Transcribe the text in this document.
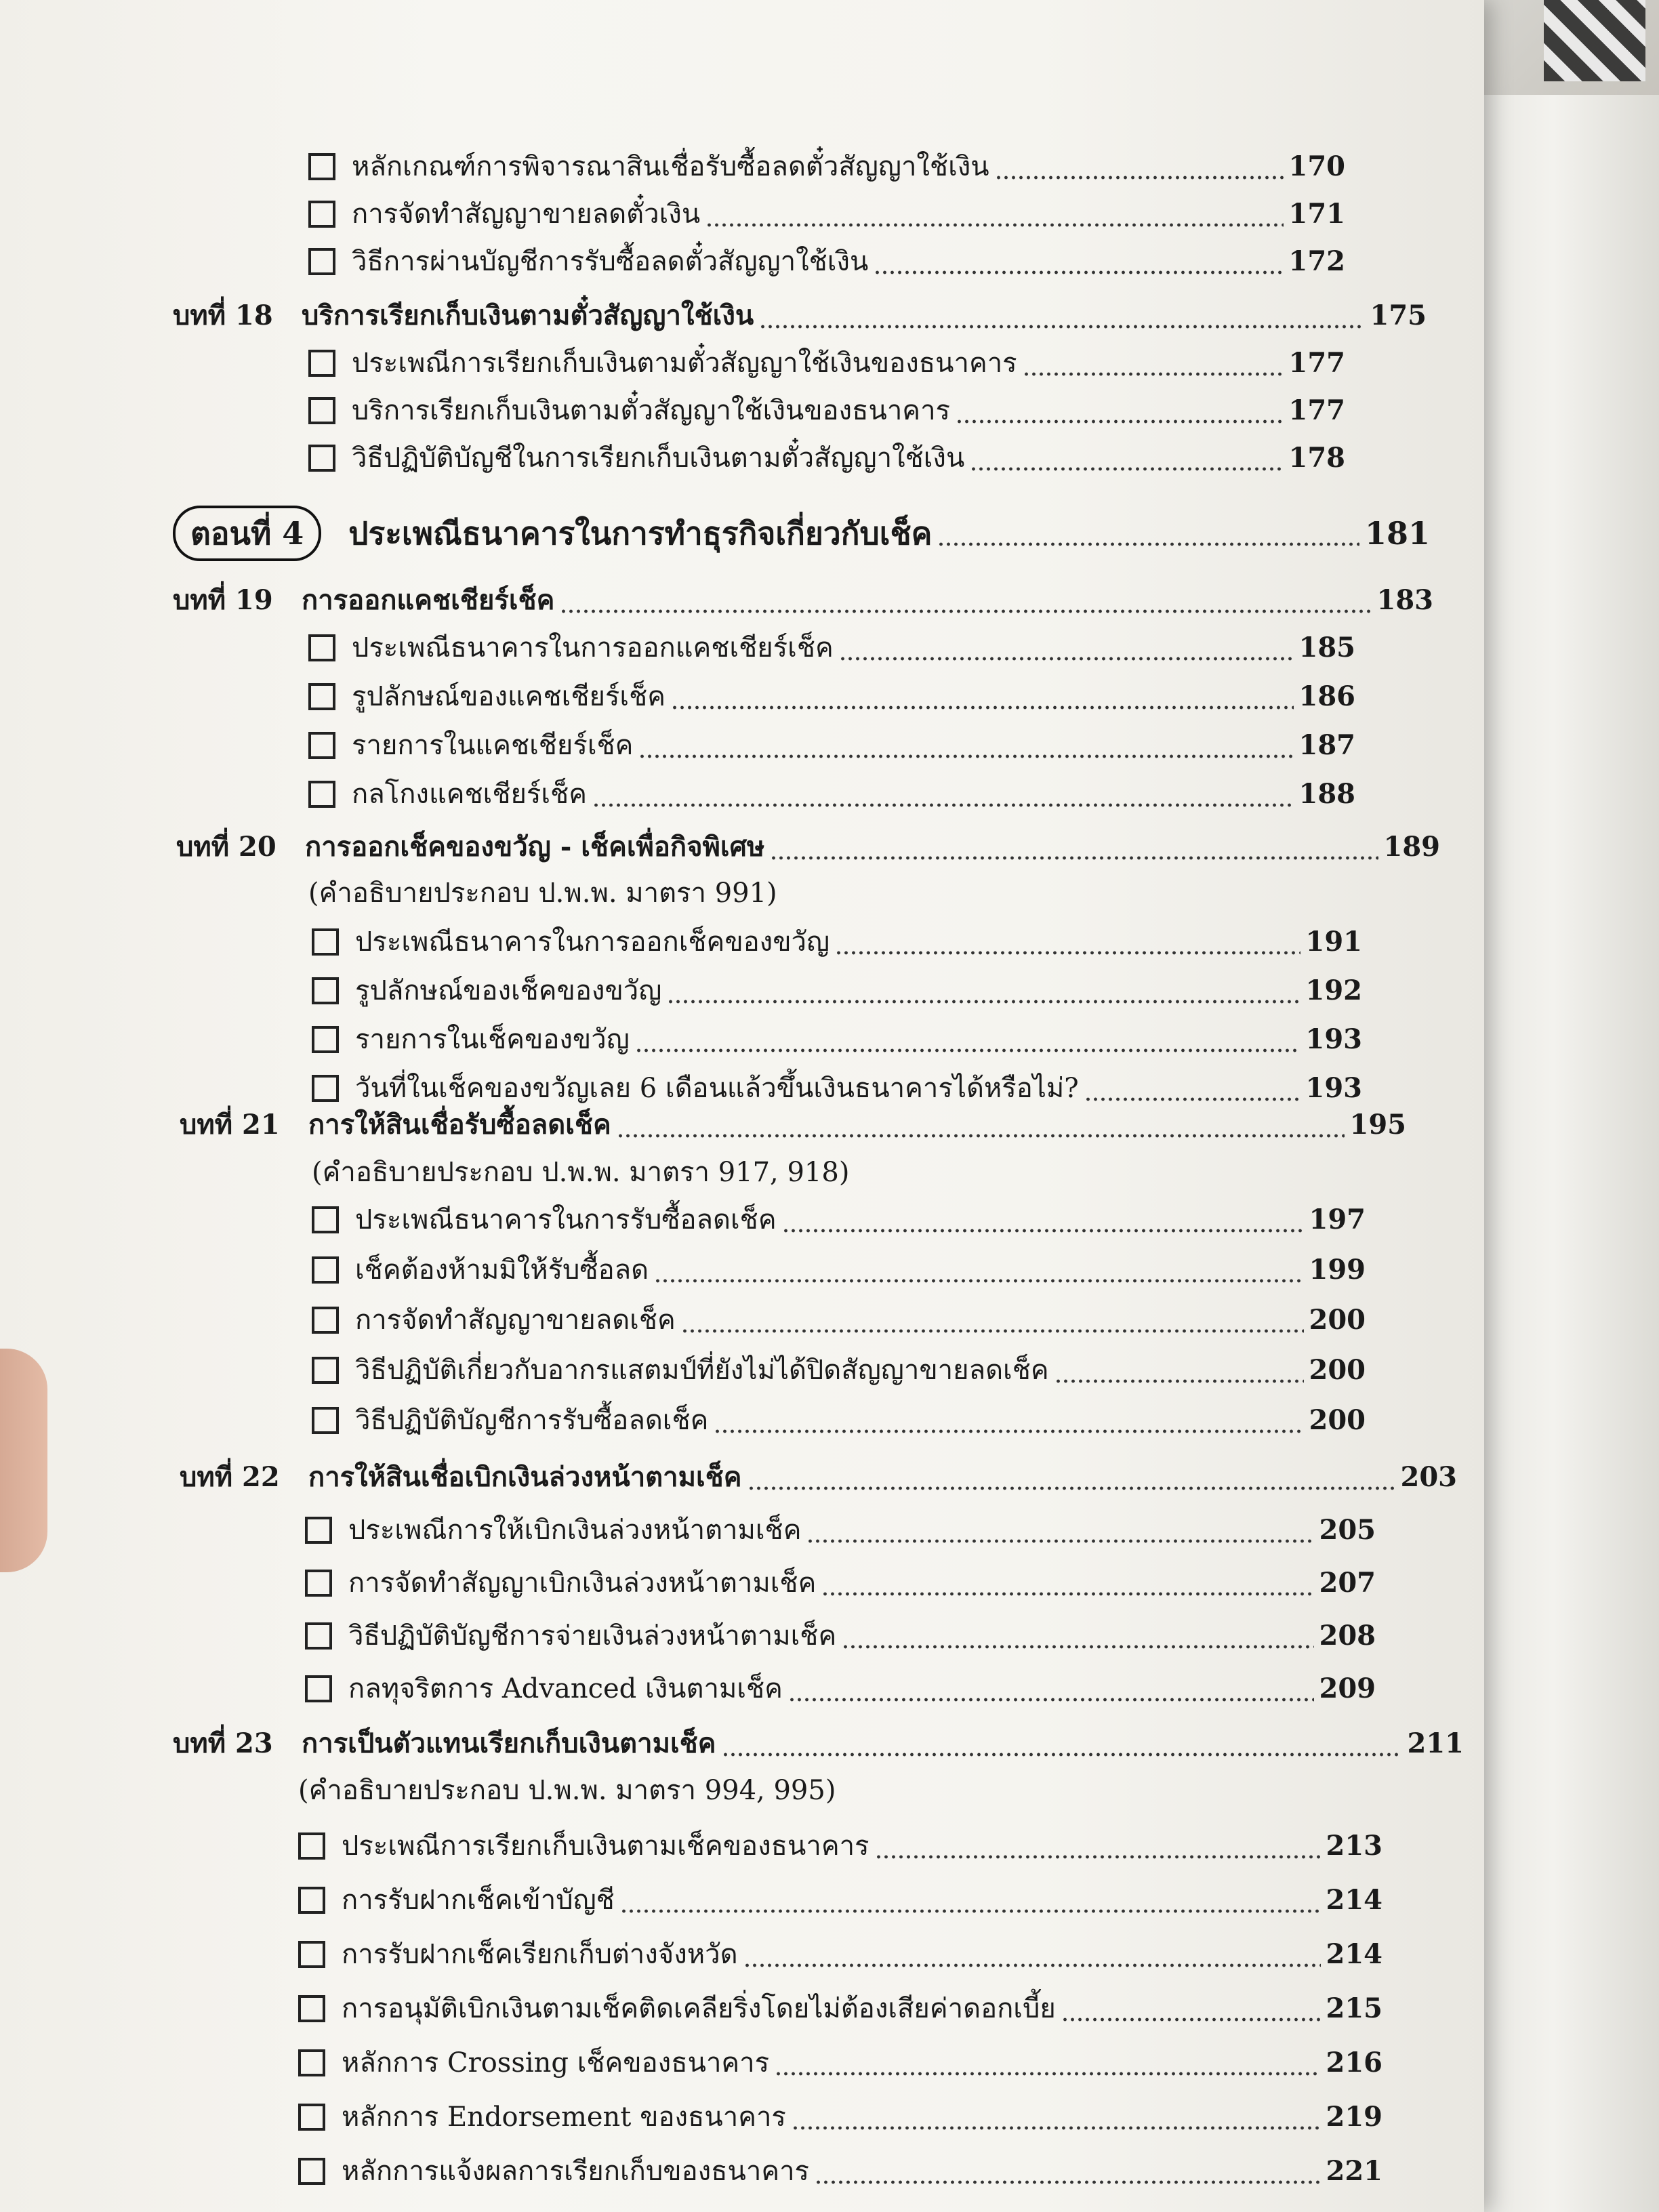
หลักเกณฑ์การพิจารณาสินเชื่อรับซื้อลดตั๋วสัญญาใช้เงิน	170
การจัดทำสัญญาขายลดตั๋วเงิน	171
วิธีการผ่านบัญชีการรับซื้อลดตั๋วสัญญาใช้เงิน	172
บทที่ 18	บริการเรียกเก็บเงินตามตั๋วสัญญาใช้เงิน	175
ประเพณีการเรียกเก็บเงินตามตั๋วสัญญาใช้เงินของธนาคาร	177
บริการเรียกเก็บเงินตามตั๋วสัญญาใช้เงินของธนาคาร	177
วิธีปฏิบัติบัญชีในการเรียกเก็บเงินตามตั๋วสัญญาใช้เงิน	178
ตอนที่ 4	ประเพณีธนาคารในการทำธุรกิจเกี่ยวกับเช็ค	181
บทที่ 19	การออกแคชเชียร์เช็ค	183
ประเพณีธนาคารในการออกแคชเชียร์เช็ค	185
รูปลักษณ์ของแคชเชียร์เช็ค	186
รายการในแคชเชียร์เช็ค	187
กลโกงแคชเชียร์เช็ค	188
บทที่ 20	การออกเช็คของขวัญ - เช็คเพื่อกิจพิเศษ	189
(คำอธิบายประกอบ ป.พ.พ. มาตรา 991)
ประเพณีธนาคารในการออกเช็คของขวัญ	191
รูปลักษณ์ของเช็คของขวัญ	192
รายการในเช็คของขวัญ	193
วันที่ในเช็คของขวัญเลย 6 เดือนแล้วขึ้นเงินธนาคารได้หรือไม่?	193
บทที่ 21	การให้สินเชื่อรับซื้อลดเช็ค	195
(คำอธิบายประกอบ ป.พ.พ. มาตรา 917, 918)
ประเพณีธนาคารในการรับซื้อลดเช็ค	197
เช็คต้องห้ามมิให้รับซื้อลด	199
การจัดทำสัญญาขายลดเช็ค	200
วิธีปฏิบัติเกี่ยวกับอากรแสตมป์ที่ยังไม่ได้ปิดสัญญาขายลดเช็ค	200
วิธีปฏิบัติบัญชีการรับซื้อลดเช็ค	200
บทที่ 22	การให้สินเชื่อเบิกเงินล่วงหน้าตามเช็ค	203
ประเพณีการให้เบิกเงินล่วงหน้าตามเช็ค	205
การจัดทำสัญญาเบิกเงินล่วงหน้าตามเช็ค	207
วิธีปฏิบัติบัญชีการจ่ายเงินล่วงหน้าตามเช็ค	208
กลทุจริตการ Advanced เงินตามเช็ค	209
บทที่ 23	การเป็นตัวแทนเรียกเก็บเงินตามเช็ค	211
(คำอธิบายประกอบ ป.พ.พ. มาตรา 994, 995)
ประเพณีการเรียกเก็บเงินตามเช็คของธนาคาร	213
การรับฝากเช็คเข้าบัญชี	214
การรับฝากเช็คเรียกเก็บต่างจังหวัด	214
การอนุมัติเบิกเงินตามเช็คติดเคลียริ่งโดยไม่ต้องเสียค่าดอกเบี้ย	215
หลักการ Crossing เช็คของธนาคาร	216
หลักการ Endorsement ของธนาคาร	219
หลักการแจ้งผลการเรียกเก็บของธนาคาร	221
